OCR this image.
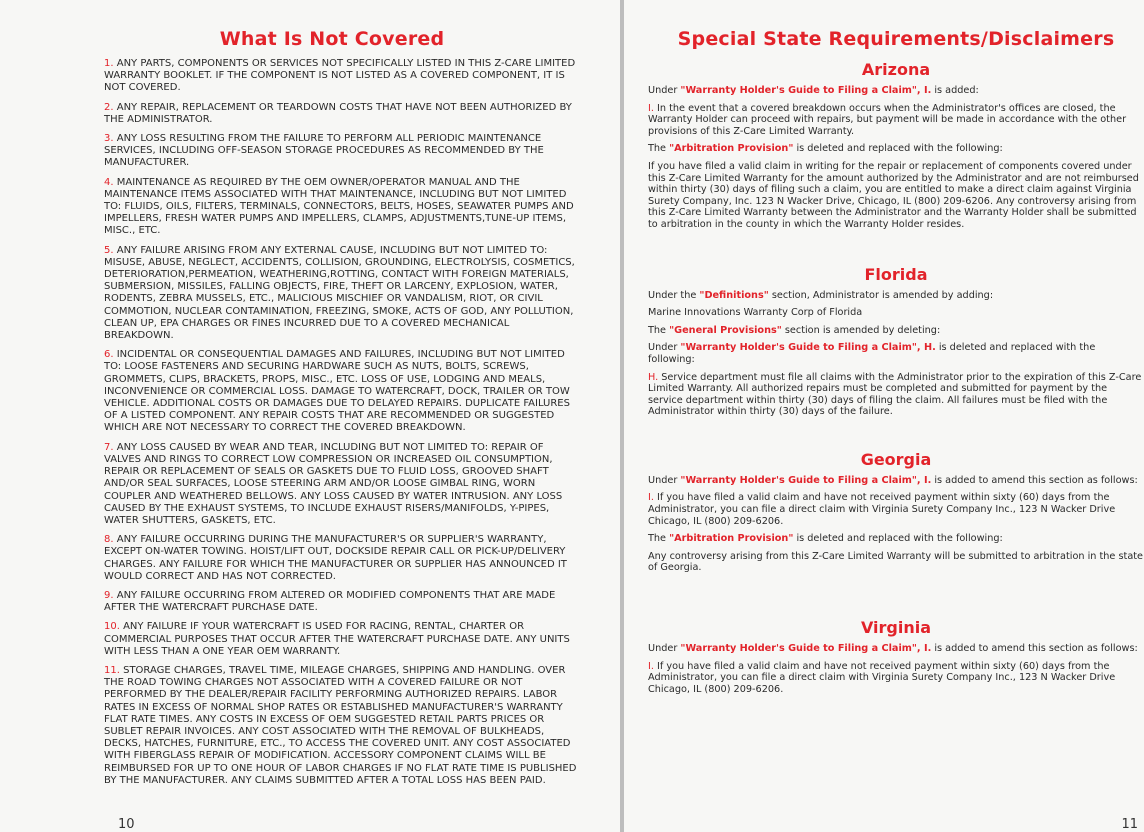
What Is Not Covered

1. ANY PARTS, COMPONENTS OR SERVICES NOT SPECIFICALLY LISTED IN THIS Z-CARE LIMITED WARRANTY BOOKLET. IF THE COMPONENT IS NOT LISTED AS A COVERED COMPONENT, IT IS NOT COVERED.

2. ANY REPAIR, REPLACEMENT OR TEARDOWN COSTS THAT HAVE NOT BEEN AUTHORIZED BY THE ADMINISTRATOR.

3. ANY LOSS RESULTING FROM THE FAILURE TO PERFORM ALL PERIODIC MAINTENANCE SERVICES, INCLUDING OFF-SEASON STORAGE PROCEDURES AS RECOMMENDED BY THE MANUFACTURER.

4. MAINTENANCE AS REQUIRED BY THE OEM OWNER/OPERATOR MANUAL AND THE MAINTENANCE ITEMS ASSOCIATED WITH THAT MAINTENANCE, INCLUDING BUT NOT LIMITED TO: FLUIDS, OILS, FILTERS, TERMINALS, CONNECTORS, BELTS, HOSES, SEAWATER PUMPS AND IMPELLERS, FRESH WATER PUMPS AND IMPELLERS, CLAMPS, ADJUSTMENTS,TUNE-UP ITEMS, MISC., ETC.

5. ANY FAILURE ARISING FROM ANY EXTERNAL CAUSE, INCLUDING BUT NOT LIMITED TO: MISUSE, ABUSE, NEGLECT, ACCIDENTS, COLLISION, GROUNDING, ELECTROLYSIS, COSMETICS, DETERIORATION,PERMEATION, WEATHERING,ROTTING, CONTACT WITH FOREIGN MATERIALS, SUBMERSION, MISSILES, FALLING OBJECTS, FIRE, THEFT OR LARCENY, EXPLOSION, WATER, RODENTS, ZEBRA MUSSELS, ETC., MALICIOUS MISCHIEF OR VANDALISM, RIOT, OR CIVIL COMMOTION, NUCLEAR CONTAMINATION, FREEZING, SMOKE, ACTS OF GOD, ANY POLLUTION, CLEAN UP, EPA CHARGES OR FINES INCURRED DUE TO A COVERED MECHANICAL BREAKDOWN.

6. INCIDENTAL OR CONSEQUENTIAL DAMAGES AND FAILURES, INCLUDING BUT NOT LIMITED TO: LOOSE FASTENERS AND SECURING HARDWARE SUCH AS NUTS, BOLTS, SCREWS, GROMMETS, CLIPS, BRACKETS, PROPS, MISC., ETC. LOSS OF USE, LODGING AND MEALS, INCONVENIENCE OR COMMERCIAL LOSS. DAMAGE TO WATERCRAFT, DOCK, TRAILER OR TOW VEHICLE. ADDITIONAL COSTS OR DAMAGES DUE TO DELAYED REPAIRS. DUPLICATE FAILURES OF A LISTED COMPONENT. ANY REPAIR COSTS THAT ARE RECOMMENDED OR SUGGESTED WHICH ARE NOT NECESSARY TO CORRECT THE COVERED BREAKDOWN.

7. ANY LOSS CAUSED BY WEAR AND TEAR, INCLUDING BUT NOT LIMITED TO: REPAIR OF VALVES AND RINGS TO CORRECT LOW COMPRESSION OR INCREASED OIL CONSUMPTION, REPAIR OR REPLACEMENT OF SEALS OR GASKETS DUE TO FLUID LOSS, GROOVED SHAFT AND/OR SEAL SURFACES, LOOSE STEERING ARM AND/OR LOOSE GIMBAL RING, WORN COUPLER AND WEATHERED BELLOWS. ANY LOSS CAUSED BY WATER INTRUSION. ANY LOSS CAUSED BY THE EXHAUST SYSTEMS, TO INCLUDE EXHAUST RISERS/MANIFOLDS, Y-PIPES, WATER SHUTTERS, GASKETS, ETC.

8. ANY FAILURE OCCURRING DURING THE MANUFACTURER'S OR SUPPLIER'S WARRANTY, EXCEPT ON-WATER TOWING. HOIST/LIFT OUT, DOCKSIDE REPAIR CALL OR PICK-UP/DELIVERY CHARGES. ANY FAILURE FOR WHICH THE MANUFACTURER OR SUPPLIER HAS ANNOUNCED IT WOULD CORRECT AND HAS NOT CORRECTED.

9. ANY FAILURE OCCURRING FROM ALTERED OR MODIFIED COMPONENTS THAT ARE MADE AFTER THE WATERCRAFT PURCHASE DATE.

10. ANY FAILURE IF YOUR WATERCRAFT IS USED FOR RACING, RENTAL, CHARTER OR COMMERCIAL PURPOSES THAT OCCUR AFTER THE WATERCRAFT PURCHASE DATE. ANY UNITS WITH LESS THAN A ONE YEAR OEM WARRANTY.

11. STORAGE CHARGES, TRAVEL TIME, MILEAGE CHARGES, SHIPPING AND HANDLING. OVER THE ROAD TOWING CHARGES NOT ASSOCIATED WITH A COVERED FAILURE OR NOT PERFORMED BY THE DEALER/REPAIR FACILITY PERFORMING AUTHORIZED REPAIRS. LABOR RATES IN EXCESS OF NORMAL SHOP RATES OR ESTABLISHED MANUFACTURER'S WARRANTY FLAT RATE TIMES. ANY COSTS IN EXCESS OF OEM SUGGESTED RETAIL PARTS PRICES OR SUBLET REPAIR INVOICES. ANY COST ASSOCIATED WITH THE REMOVAL OF BULKHEADS, DECKS, HATCHES, FURNITURE, ETC., TO ACCESS THE COVERED UNIT. ANY COST ASSOCIATED WITH FIBERGLASS REPAIR OF MODIFICATION. ACCESSORY COMPONENT CLAIMS WILL BE REIMBURSED FOR UP TO ONE HOUR OF LABOR CHARGES IF NO FLAT RATE TIME IS PUBLISHED BY THE MANUFACTURER. ANY CLAIMS SUBMITTED AFTER A TOTAL LOSS HAS BEEN PAID.

10
Special State Requirements/Disclaimers
Arizona

Under "Warranty Holder's Guide to Filing a Claim", I. is added:

I. In the event that a covered breakdown occurs when the Administrator's offices are closed, the Warranty Holder can proceed with repairs, but payment will be made in accordance with the other provisions of this Z-Care Limited Warranty.

The "Arbitration Provision" is deleted and replaced with the following:

If you have filed a valid claim in writing for the repair or replacement of components covered under this Z-Care Limited Warranty for the amount authorized by the Administrator and are not reimbursed within thirty (30) days of filing such a claim, you are entitled to make a direct claim against Virginia Surety Company, Inc. 123 N Wacker Drive, Chicago, IL (800) 209-6206. Any controversy arising from this Z-Care Limited Warranty between the Administrator and the Warranty Holder shall be submitted to arbitration in the county in which the Warranty Holder resides.

Florida

Under the "Definitions" section, Administrator is amended by adding:

Marine Innovations Warranty Corp of Florida

The "General Provisions" section is amended by deleting:

Under "Warranty Holder's Guide to Filing a Claim", H. is deleted and replaced with the following:

H. Service department must file all claims with the Administrator prior to the expiration of this Z-Care Limited Warranty. All authorized repairs must be completed and submitted for payment by the service department within thirty (30) days of filing the claim. All failures must be filed with the Administrator within thirty (30) days of the failure.

Georgia

Under "Warranty Holder's Guide to Filing a Claim", I. is added to amend this section as follows:

I. If you have filed a valid claim and have not received payment within sixty (60) days from the Administrator, you can file a direct claim with Virginia Surety Company Inc., 123 N Wacker Drive Chicago, IL (800) 209-6206.

The "Arbitration Provision" is deleted and replaced with the following:

Any controversy arising from this Z-Care Limited Warranty will be submitted to arbitration in the state of Georgia.

Virginia

Under "Warranty Holder's Guide to Filing a Claim", I. is added to amend this section as follows:

I. If you have filed a valid claim and have not received payment within sixty (60) days from the Administrator, you can file a direct claim with Virginia Surety Company Inc., 123 N Wacker Drive Chicago, IL (800) 209-6206.

11
